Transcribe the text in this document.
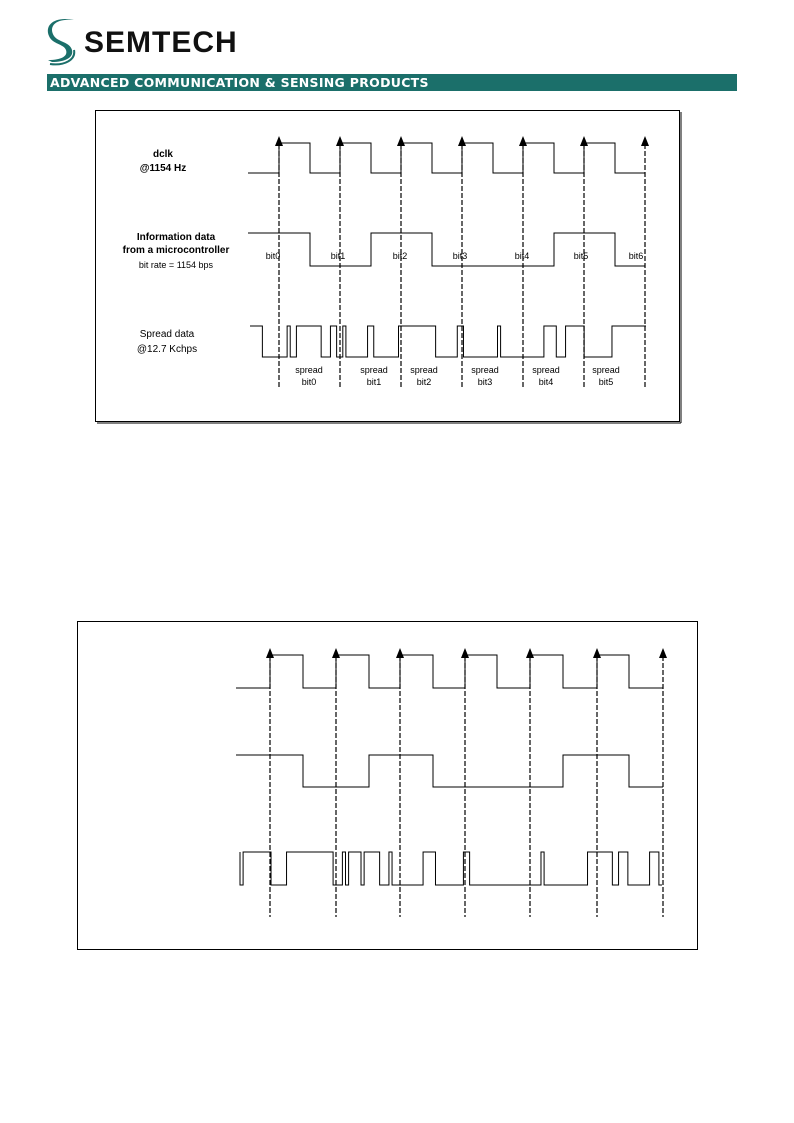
SEMTECH
ADVANCED COMMUNICATION & SENSING PRODUCTS
dclk
@1154 Hz
Information data
from a microcontroller
bit rate = 1154 bps
Spread data
@12.7 Kchps
bit0	bit1	bit2	bit3	bit4	bit5	bit6
spread
bit0
spread
bit1
spread
bit2
spread
bit3
spread
bit4
spread
bit5
